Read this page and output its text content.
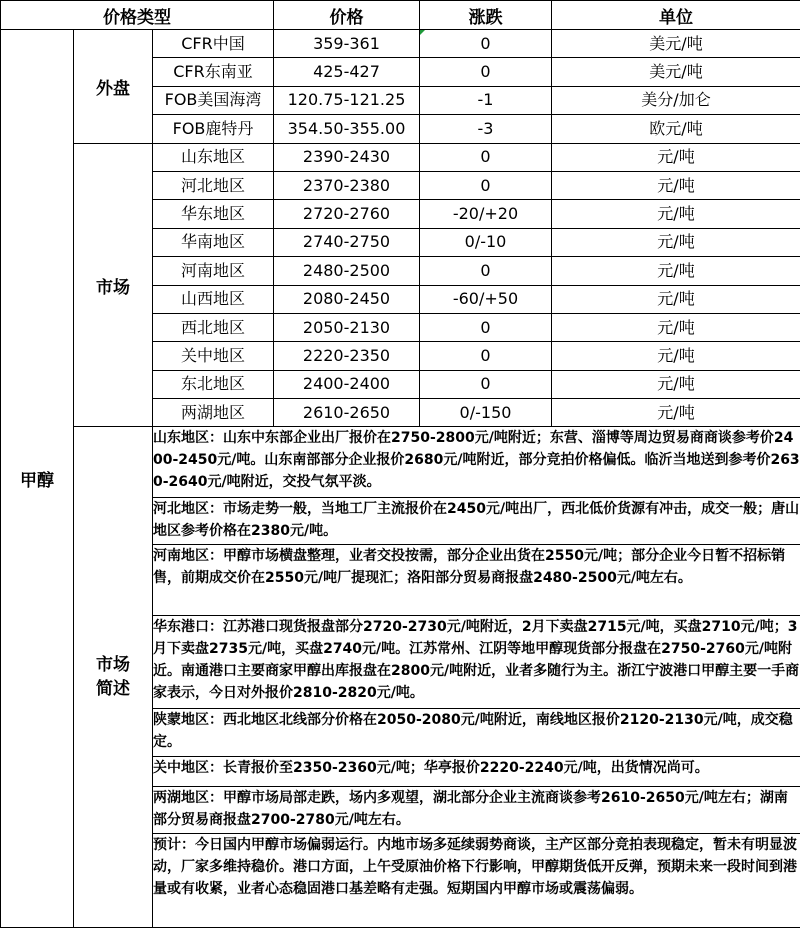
价格类型			价格	涨跌	单位
甲醇	外盘	CFR中国	359-361	0	美元/吨
		CFR东南亚	425-427	0	美元/吨
		FOB美国海湾	120.75-121.25	-1	美分/加仑
		FOB鹿特丹	354.50-355.00	-3	欧元/吨
	市场	山东地区	2390-2430	0	元/吨
		河北地区	2370-2380	0	元/吨
		华东地区	2720-2760	-20/+20	元/吨
		华南地区	2740-2750	0/-10	元/吨
		河南地区	2480-2500	0	元/吨
		山西地区	2080-2450	-60/+50	元/吨
		西北地区	2050-2130	0	元/吨
		关中地区	2220-2350	0	元/吨
		东北地区	2400-2400	0	元/吨
		两湖地区	2610-2650	0/-150	元/吨
	市场简述	山东地区：山东中东部企业出厂报价在2750-2800元/吨附近；东营、淄博等周边贸易商商谈参考价2400-2450元/吨。山东南部部分企业报价2680元/吨附近，部分竞拍价格偏低。临沂当地送到参考价2630-2640元/吨附近，交投气氛平淡。			
		河北地区：市场走势一般，当地工厂主流报价在2450元/吨出厂，西北低价货源有冲击，成交一般；唐山地区参考价格在2380元/吨。			
		河南地区：甲醇市场横盘整理，业者交投按需，部分企业出货在2550元/吨；部分企业今日暂不招标销售，前期成交价在2550元/吨厂提现汇；洛阳部分贸易商报盘2480-2500元/吨左右。			
		华东港口：江苏港口现货报盘部分2720-2730元/吨附近，2月下卖盘2715元/吨，买盘2710元/吨；3月下卖盘2735元/吨，买盘2740元/吨。江苏常州、江阴等地甲醇现货部分报盘在2750-2760元/吨附近。南通港口主要商家甲醇出库报盘在2800元/吨附近，业者多随行为主。浙江宁波港口甲醇主要一手商家表示，今日对外报价2810-2820元/吨。			
		陕蒙地区：西北地区北线部分价格在2050-2080元/吨附近，南线地区报价2120-2130元/吨，成交稳定。			
		关中地区：长青报价至2350-2360元/吨；华亭报价2220-2240元/吨，出货情况尚可。			
		两湖地区：甲醇市场局部走跌，场内多观望，湖北部分企业主流商谈参考2610-2650元/吨左右；湖南部分贸易商报盘2700-2780元/吨左右。			
		预计：今日国内甲醇市场偏弱运行。内地市场多延续弱势商谈，主产区部分竞拍表现稳定，暂未有明显波动，厂家多维持稳价。港口方面，上午受原油价格下行影响，甲醇期货低开反弹，预期未来一段时间到港量或有收紧，业者心态稳固港口基差略有走强。短期国内甲醇市场或震荡偏弱。			
